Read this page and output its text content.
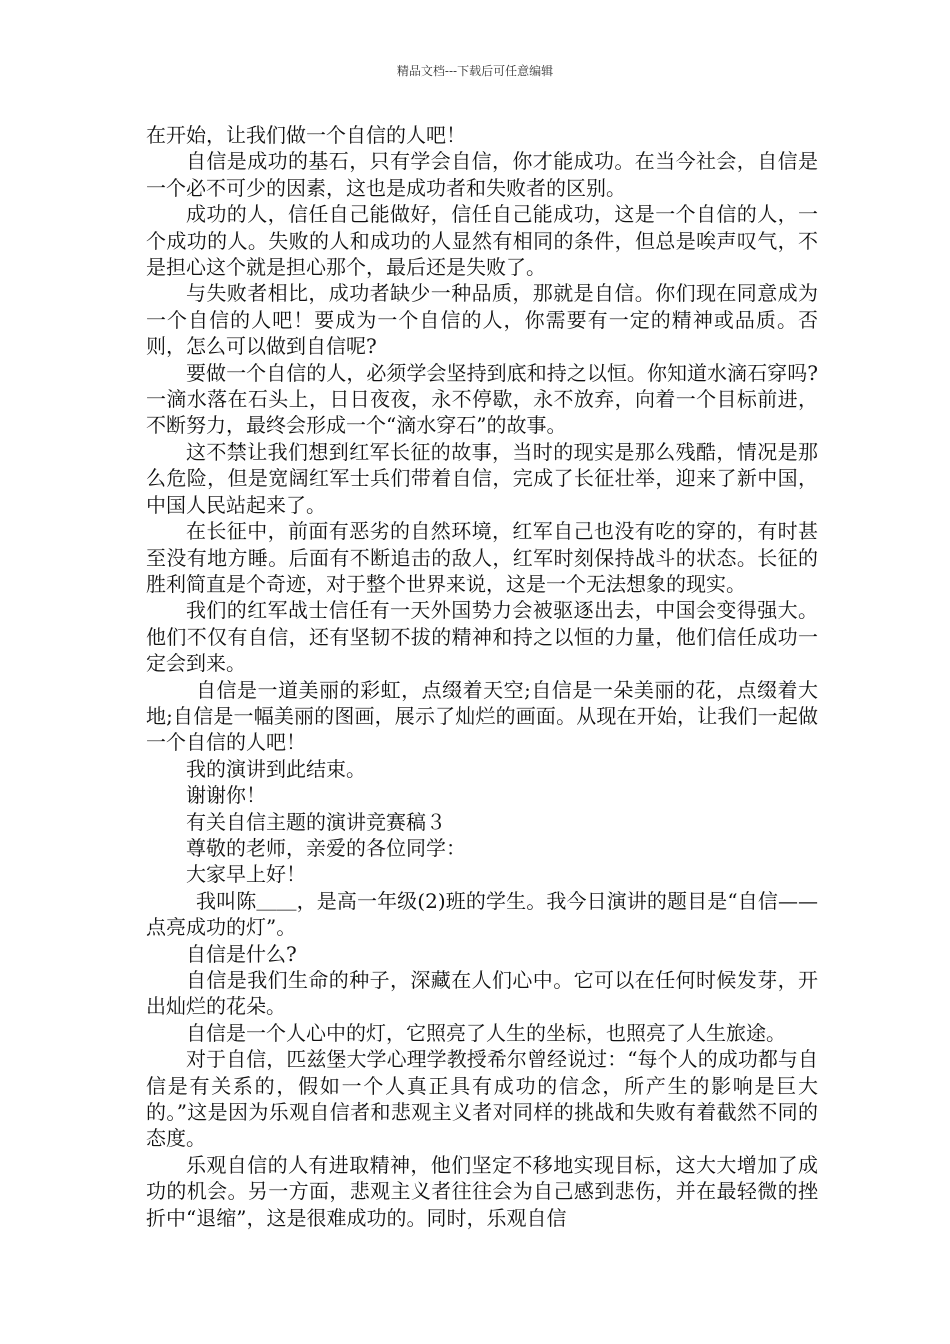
精品文档---下载后可任意编辑

在开始，让我们做一个自信的人吧！

自信是成功的基石，只有学会自信，你才能成功。在当今社会，自信是一个必不可少的因素，这也是成功者和失败者的区别。

成功的人，信任自己能做好，信任自己能成功，这是一个自信的人，一个成功的人。失败的人和成功的人显然有相同的条件，但总是唉声叹气，不是担心这个就是担心那个，最后还是失败了。

与失败者相比，成功者缺少一种品质，那就是自信。你们现在同意成为一个自信的人吧！要成为一个自信的人，你需要有一定的精神或品质。否则，怎么可以做到自信呢?

要做一个自信的人，必须学会坚持到底和持之以恒。你知道水滴石穿吗?一滴水落在石头上，日日夜夜，永不停歇，永不放弃，向着一个目标前进，不断努力，最终会形成一个“滴水穿石”的故事。

这不禁让我们想到红军长征的故事，当时的现实是那么残酷，情况是那么危险，但是宽阔红军士兵们带着自信，完成了长征壮举，迎来了新中国，中国人民站起来了。

在长征中，前面有恶劣的自然环境，红军自己也没有吃的穿的，有时甚至没有地方睡。后面有不断追击的敌人，红军时刻保持战斗的状态。长征的胜利简直是个奇迹，对于整个世界来说，这是一个无法想象的现实。

我们的红军战士信任有一天外国势力会被驱逐出去，中国会变得强大。他们不仅有自信，还有坚韧不拔的精神和持之以恒的力量，他们信任成功一定会到来。

自信是一道美丽的彩虹，点缀着天空;自信是一朵美丽的花，点缀着大地;自信是一幅美丽的图画，展示了灿烂的画面。从现在开始，让我们一起做一个自信的人吧！

我的演讲到此结束。

谢谢你！

有关自信主题的演讲竞赛稿３

尊敬的老师，亲爱的各位同学：

大家早上好！

我叫陈＿＿，是高一年级(2)班的学生。我今日演讲的题目是“自信——点亮成功的灯”。

自信是什么?

自信是我们生命的种子，深藏在人们心中。它可以在任何时候发芽，开出灿烂的花朵。

自信是一个人心中的灯，它照亮了人生的坐标，也照亮了人生旅途。

对于自信，匹兹堡大学心理学教授希尔曾经说过：“每个人的成功都与自信是有关系的，假如一个人真正具有成功的信念，所产生的影响是巨大的。”这是因为乐观自信者和悲观主义者对同样的挑战和失败有着截然不同的态度。

乐观自信的人有进取精神，他们坚定不移地实现目标，这大大增加了成功的机会。另一方面，悲观主义者往往会为自己感到悲伤，并在最轻微的挫折中“退缩”，这是很难成功的。同时，乐观自信
